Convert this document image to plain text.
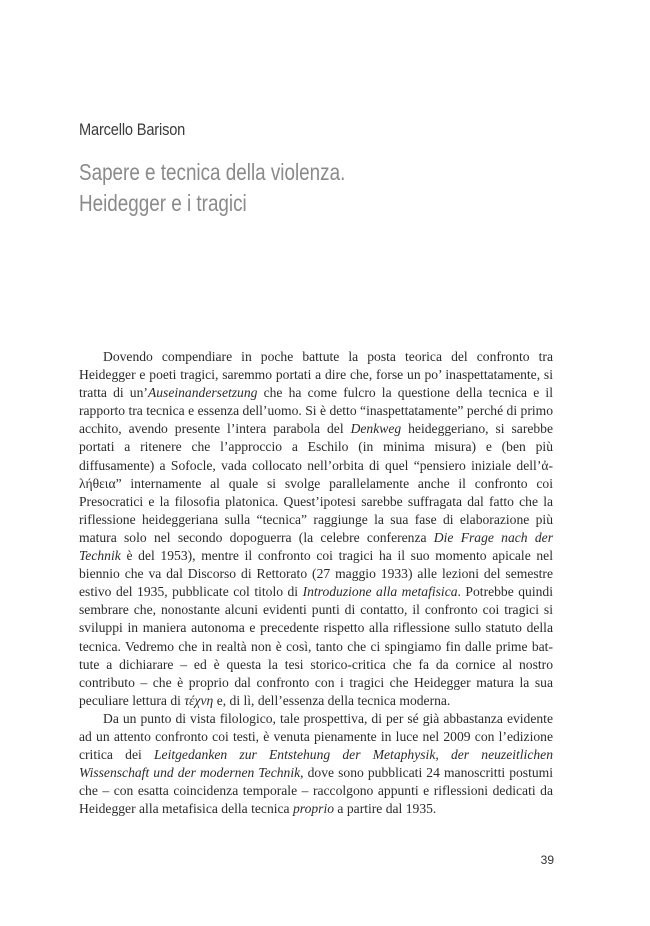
Marcello Barison
Sapere e tecnica della violenza.
Heidegger e i tragici

Dovendo compendiare in poche battute la posta teorica del confronto tra Heidegger e poeti tragici, saremmo portati a dire che, forse un po’ inaspettatamente, si tratta di un’Auseinandersetzung che ha come fulcro la questione della tecnica e il rapporto tra tecnica e essenza dell’uomo. Si è detto “inaspettatamente” perché di primo acchito, avendo presente l’intera parabola del Denkweg heideggeriano, si sarebbe portati a ritenere che l’approccio a Eschilo (in minima misura) e (ben più diffusamente) a Sofocle, vada collocato nell’orbita di quel “pensiero iniziale dell’ἀ-λήθεια” internamente al quale si svolge parallelamente anche il confronto coi Presocratici e la filosofia platonica. Quest’ipotesi sarebbe suffragata dal fatto che la riflessione heideggeriana sulla “tecnica” raggiunge la sua fase di elaborazione più matura solo nel secondo dopoguerra (la celebre conferenza Die Frage nach der Technik è del 1953), mentre il confronto coi tragici ha il suo momento apicale nel biennio che va dal Discorso di Rettorato (27 maggio 1933) alle lezioni del semestre estivo del 1935, pubblicate col titolo di Introduzione alla metafisica. Potrebbe quindi sembrare che, nonostante alcuni evidenti punti di contatto, il confronto coi tragici si sviluppi in maniera autonoma e precedente rispetto alla riflessione sullo statuto della tecnica. Vedremo che in realtà non è così, tanto che ci spingiamo fin dalle prime battute a dichiarare – ed è questa la tesi storico-critica che fa da cornice al nostro contributo – che è proprio dal confronto con i tragici che Heidegger matura la sua peculiare lettura di τέχνη e, di lì, dell’essenza della tecnica moderna.

Da un punto di vista filologico, tale prospettiva, di per sé già abbastanza evidente ad un attento confronto coi testi, è venuta pienamente in luce nel 2009 con l’edizione critica dei Leitgedanken zur Entstehung der Metaphysik, der neuzeitlichen Wissenschaft und der modernen Technik, dove sono pubblicati 24 manoscritti postumi che – con esatta coincidenza temporale – raccolgono appunti e riflessioni dedicati da Heidegger alla metafisica della tecnica proprio a partire dal 1935.

39
